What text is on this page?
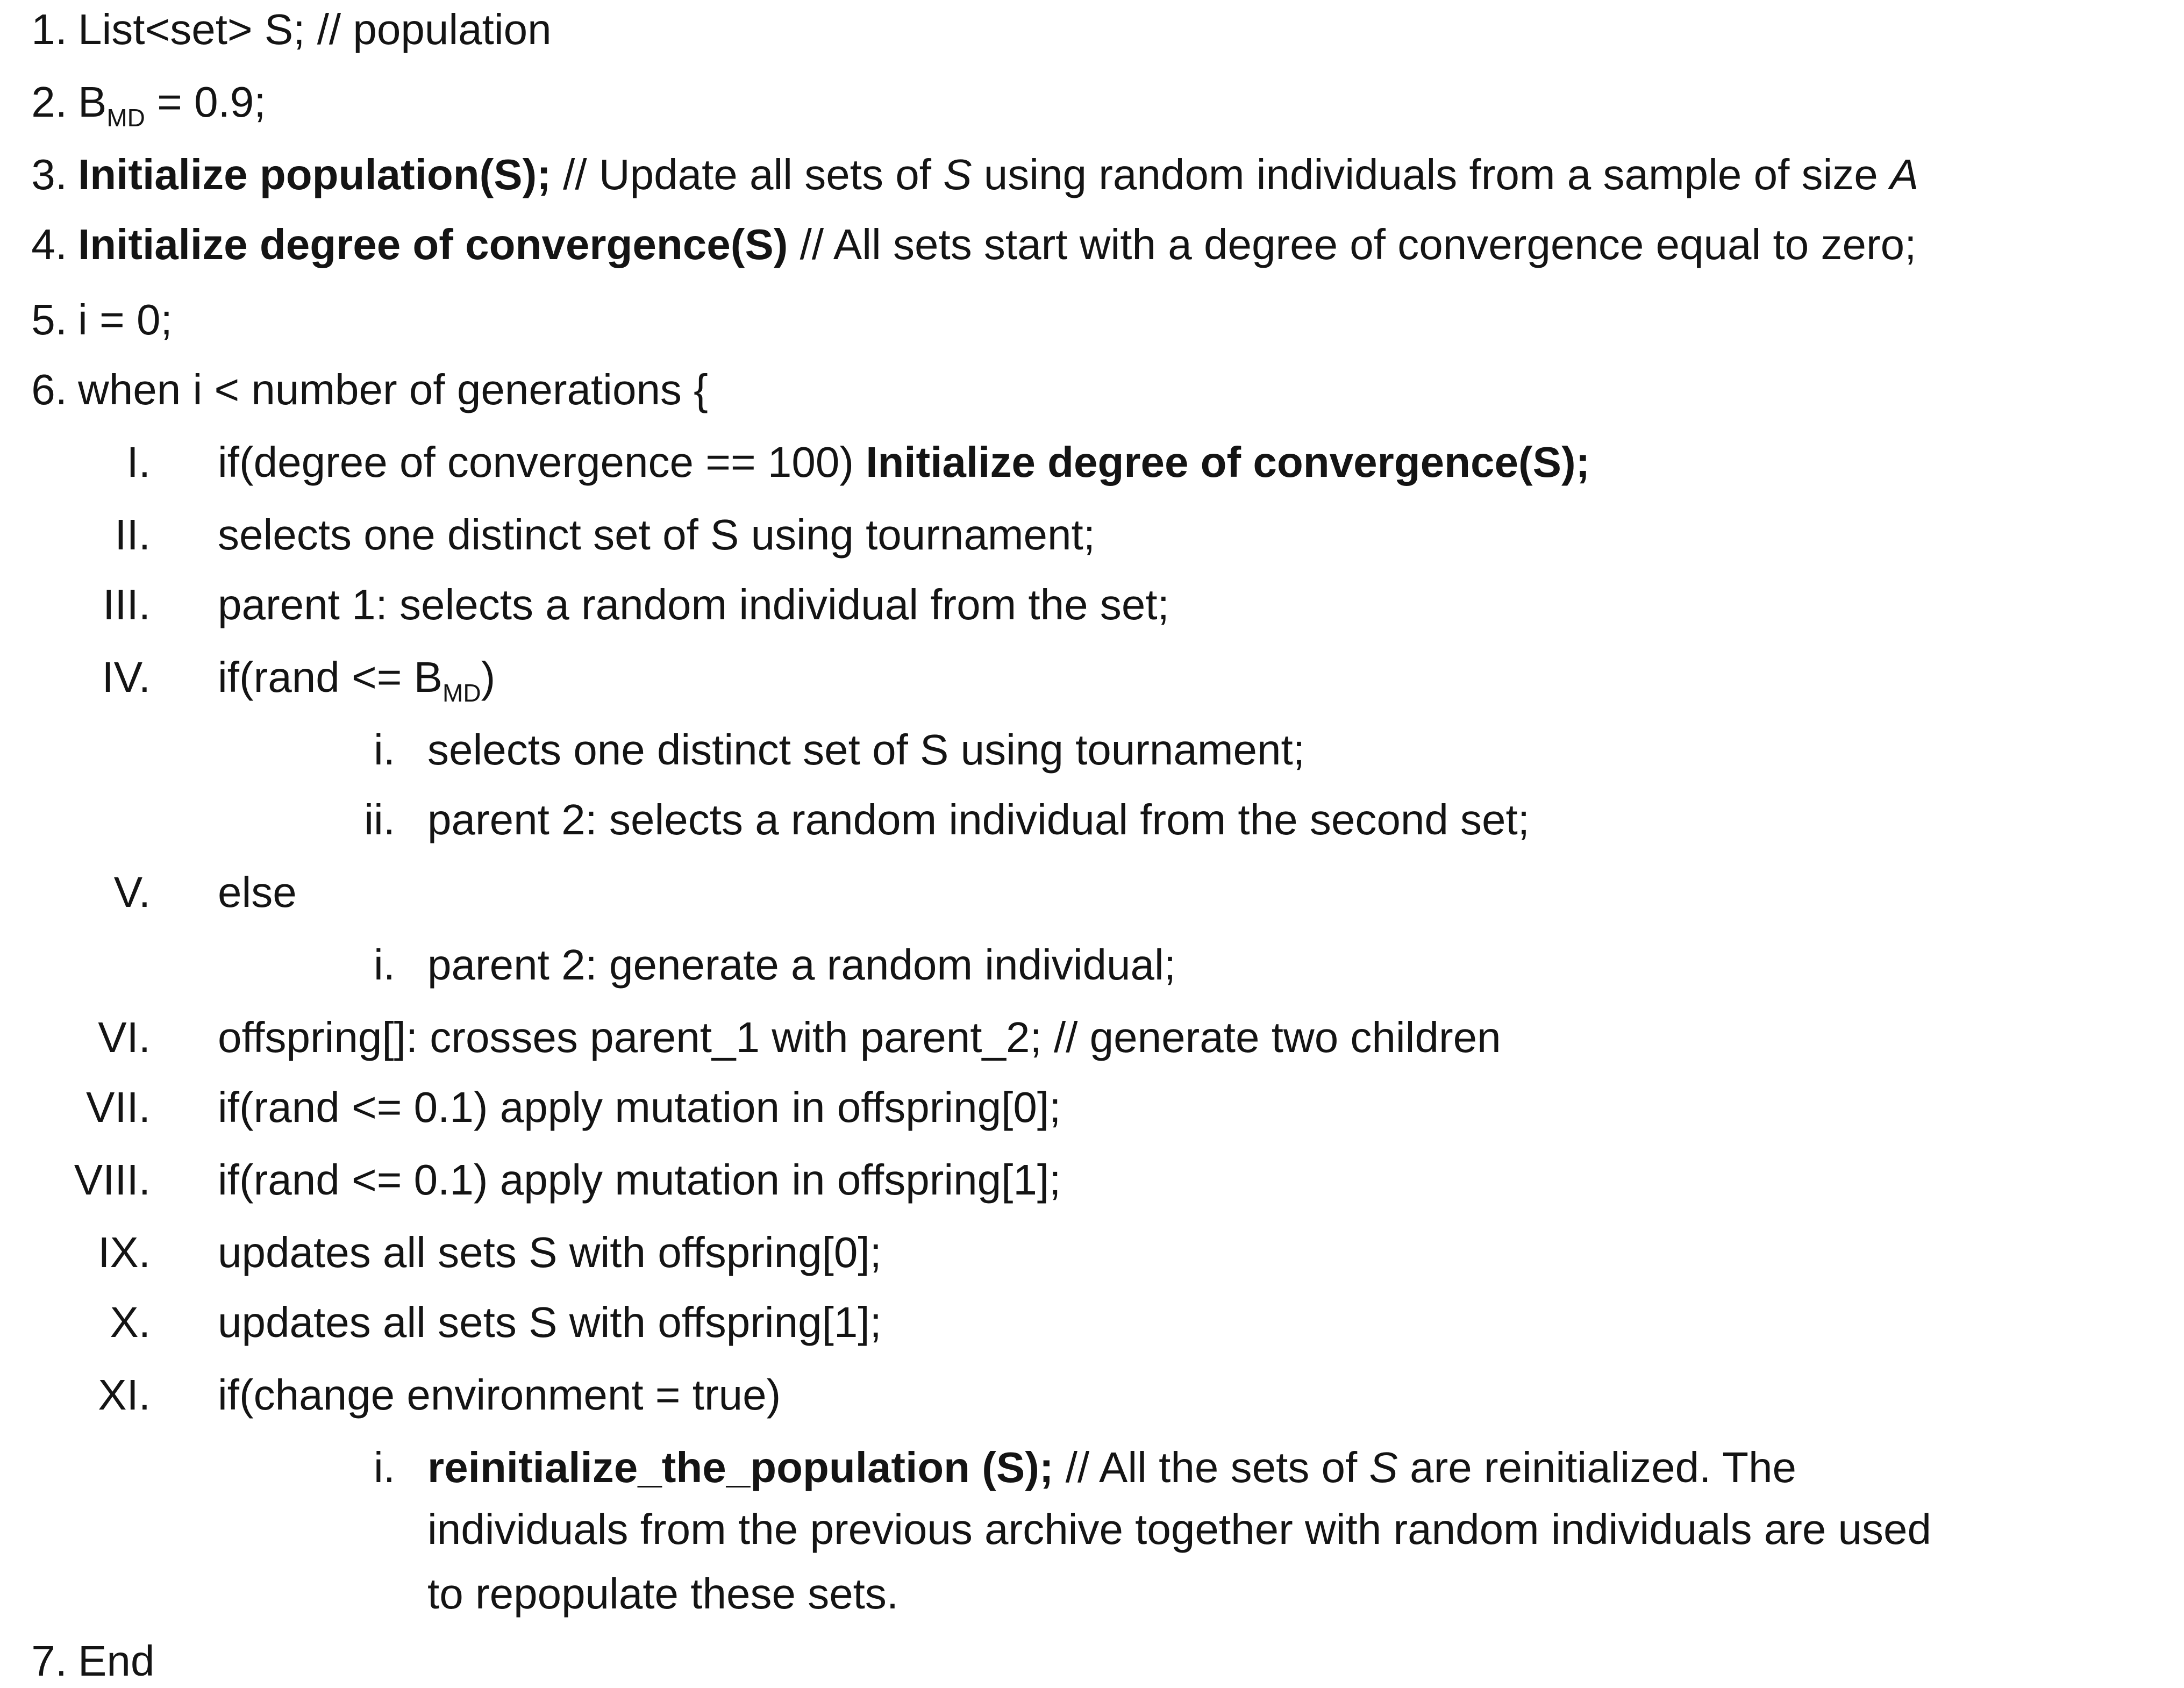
1. List<set> S; // population
2. $B_{MD} = 0.9$;
3. Initialize population(S); // Update all sets of S using random individuals from a sample of size A
4. Initialize degree of convergence(S) // All sets start with a degree of convergence equal to zero;
5. i = 0;
6. when i < number of generations {
I. if(degree of convergence == 100) Initialize degree of convergence(S);
II. selects one distinct set of S using tournament;
III. parent 1: selects a random individual from the set;
IV. if(rand <= $B_{MD}$)
i. selects one distinct set of S using tournament;
ii. parent 2: selects a random individual from the second set;
V. else
i. parent 2: generate a random individual;
VI. offspring[]: crosses parent_1 with parent_2; // generate two children
VII. if(rand <= 0.1) apply mutation in offspring[0];
VIII. if(rand <= 0.1) apply mutation in offspring[1];
IX. updates all sets S with offspring[0];
X. updates all sets S with offspring[1];
XI. if(change environment = true)
i. reinitialize_the_population (S); // All the sets of S are reinitialized. The
individuals from the previous archive together with random individuals are used
to repopulate these sets.
7. End
